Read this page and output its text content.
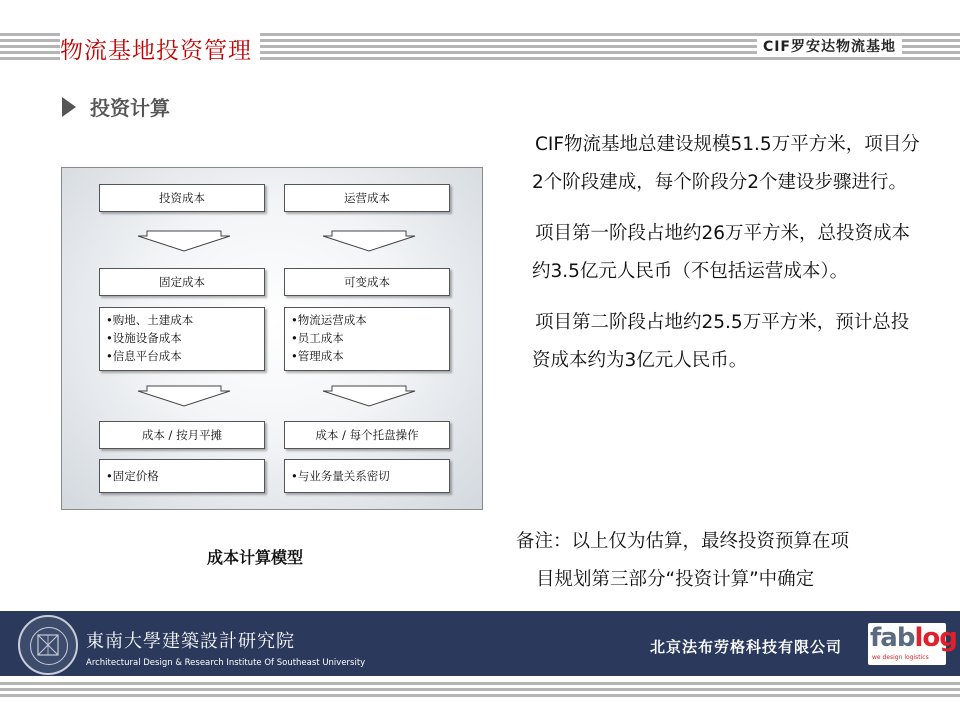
物流基地投资管理	CIF罗安达物流基地
投资计算

CIF物流基地总建设规模51.5万平方米，项目分2个阶段建成，每个阶段分2个建设步骤进行。

项目第一阶段占地约26万平方米，总投资成本约3.5亿元人民币（不包括运营成本）。

项目第二阶段占地约25.5万平方米，预计总投资成本约为3亿元人民币。

备注：以上仅为估算，最终投资预算在项
目规划第三部分“投资计算”中确定
投资成本
固定成本
•购地、土建成本
•设施设备成本
•信息平台成本
成本 / 按月平摊
•固定价格
运营成本
可变成本
•物流运营成本
•员工成本
•管理成本
成本 / 每个托盘操作
•与业务量关系密切
成本计算模型
東南大學建築設計研究院
Architectural Design & Research Institute Of Southeast University
北京法布劳格科技有限公司 fablog
we design logistics
